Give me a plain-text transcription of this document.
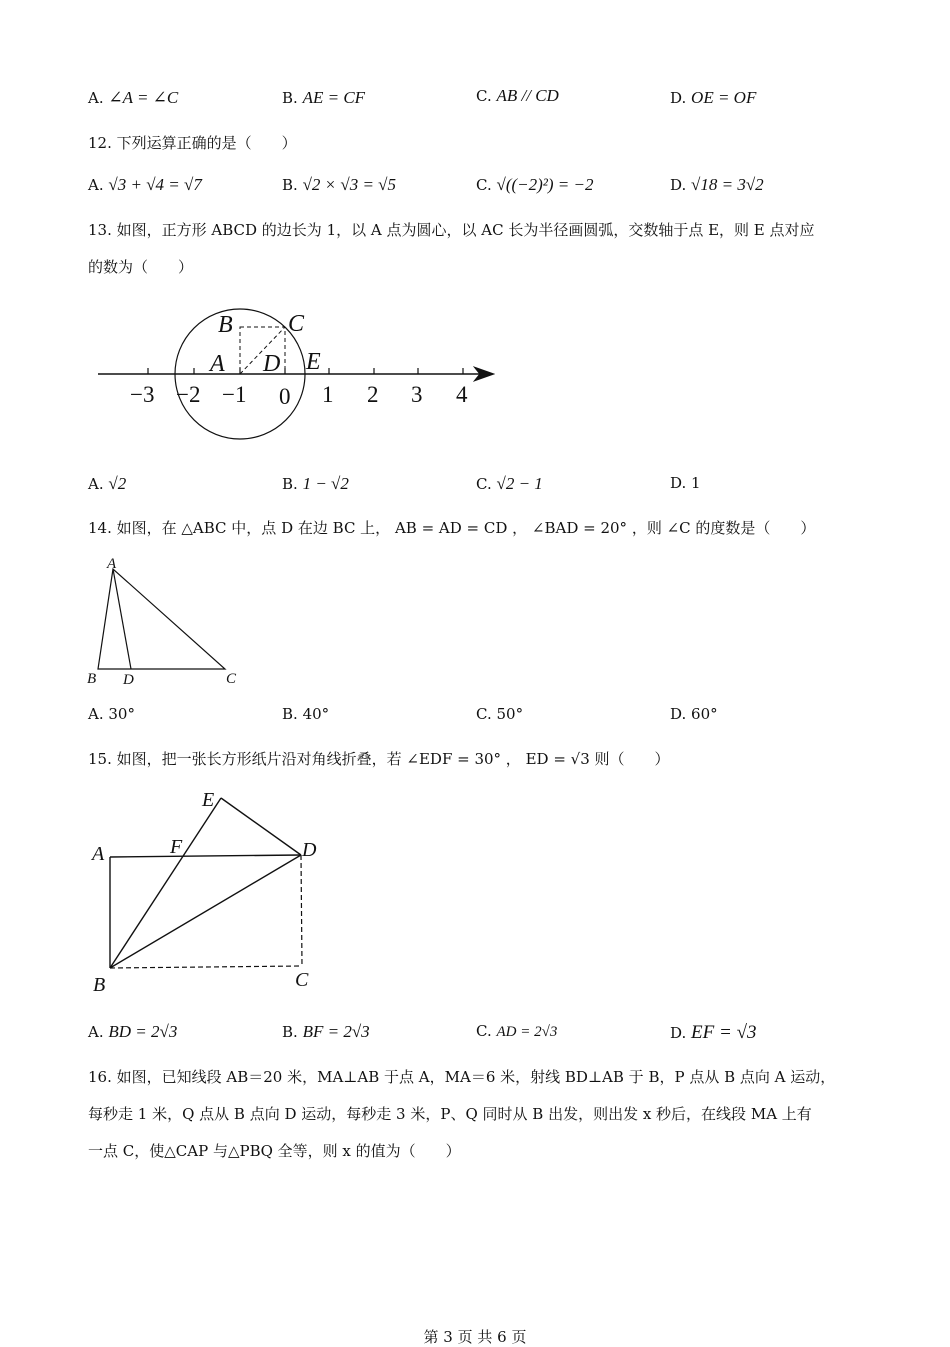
A. ∠A = ∠C	B. AE = CF	C. AB // CD	D. OE = OF
12. 下列运算正确的是（　　）
A. √3 + √4 = √7	B. √2 × √3 = √5	C. √((−2)²) = −2	D. √18 = 3√2
13. 如图，正方形 ABCD 的边长为 1，以 A 点为圆心，以 AC 长为半径画圆弧，交数轴于点 E，则 E 点对应
的数为（　　）
B C
A D E
−3 −2 −1 0 1 2 3 4
A. √2	B. 1 − √2	C. √2 − 1	D. 1
14. 如图，在 △ABC 中，点 D 在边 BC 上， AB = AD = CD ， ∠BAD = 20° ，则 ∠C 的度数是（　　）
A
B D	C
A. 30°	B. 40°	C. 50°	D. 60°
15. 如图，把一张长方形纸片沿对角线折叠，若 ∠EDF = 30° ， ED = √3 则（　　）
E
F
A	D
B	C
A. BD = 2√3	B. BF = 2√3	C. AD = 2√3	D. EF = √3
16. 如图，已知线段 AB＝20 米，MA⊥AB 于点 A，MA＝6 米，射线 BD⊥AB 于 B，P 点从 B 点向 A 运动，
每秒走 1 米，Q 点从 B 点向 D 运动，每秒走 3 米，P、Q 同时从 B 出发，则出发 x 秒后，在线段 MA 上有
一点 C，使△CAP 与△PBQ 全等，则 x 的值为（　　）
第 3 页 共 6 页
